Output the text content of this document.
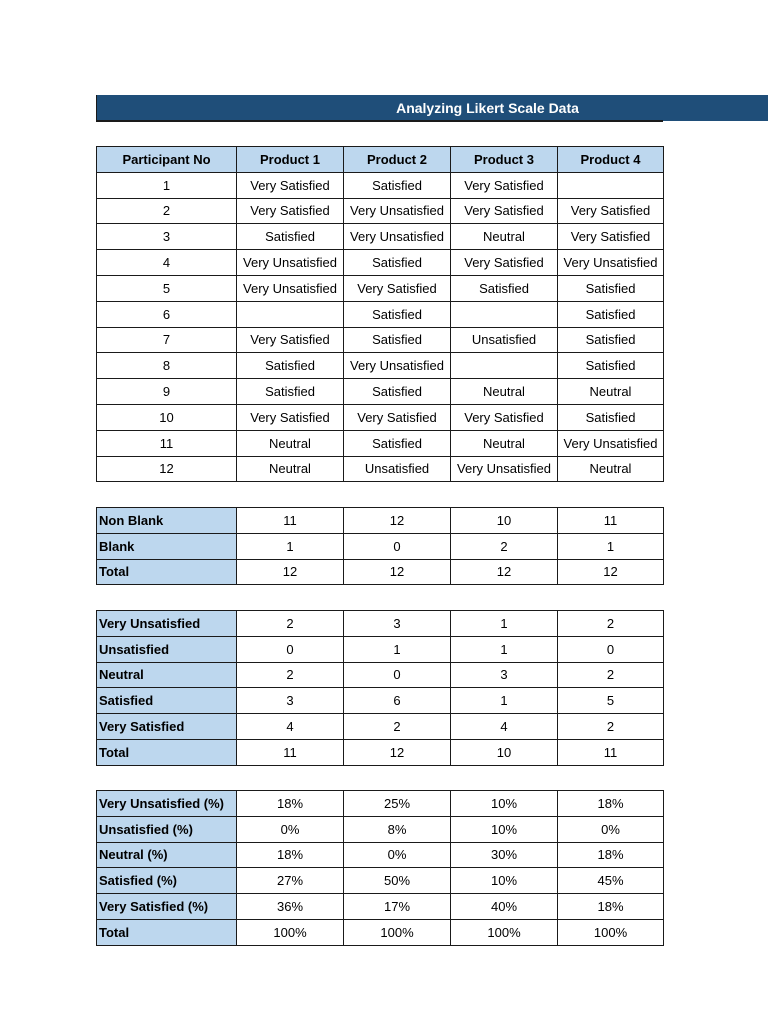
Analyzing Likert Scale Data
Participant No	Product 1	Product 2	Product 3	Product 4
1	Very Satisfied	Satisfied	Very Satisfied	
2	Very Satisfied	Very Unsatisfied	Very Satisfied	Very Satisfied
3	Satisfied	Very Unsatisfied	Neutral	Very Satisfied
4	Very Unsatisfied	Satisfied	Very Satisfied	Very Unsatisfied
5	Very Unsatisfied	Very Satisfied	Satisfied	Satisfied
6		Satisfied		Satisfied
7	Very Satisfied	Satisfied	Unsatisfied	Satisfied
8	Satisfied	Very Unsatisfied		Satisfied
9	Satisfied	Satisfied	Neutral	Neutral
10	Very Satisfied	Very Satisfied	Very Satisfied	Satisfied
11	Neutral	Satisfied	Neutral	Very Unsatisfied
12	Neutral	Unsatisfied	Very Unsatisfied	Neutral
Non Blank	11	12	10	11
Blank	1	0	2	1
Total	12	12	12	12
Very Unsatisfied	2	3	1	2
Unsatisfied	0	1	1	0
Neutral	2	0	3	2
Satisfied	3	6	1	5
Very Satisfied	4	2	4	2
Total	11	12	10	11
Very Unsatisfied (%)	18%	25%	10%	18%
Unsatisfied (%)	0%	8%	10%	0%
Neutral (%)	18%	0%	30%	18%
Satisfied (%)	27%	50%	10%	45%
Very Satisfied (%)	36%	17%	40%	18%
Total	100%	100%	100%	100%
